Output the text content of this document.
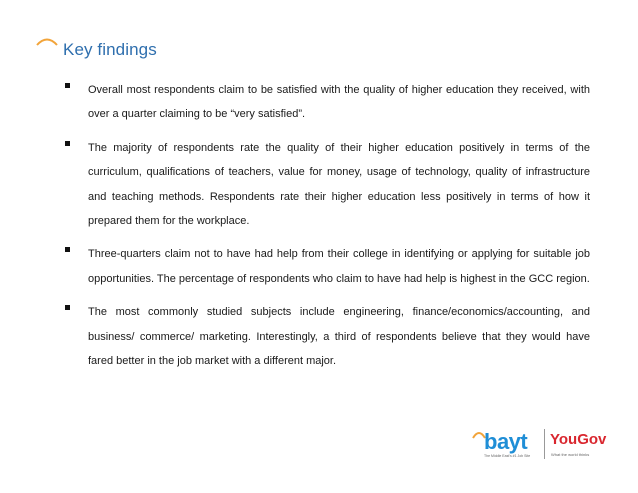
Key findings
Overall most respondents claim to be satisfied with the quality of higher education they received, with over a quarter claiming to be “very satisfied”.
The majority of respondents rate the quality of their higher education positively in terms of the curriculum, qualifications of teachers, value for money, usage of technology, quality of infrastructure and teaching methods. Respondents rate their higher education less positively in terms of how it prepared them for the workplace.
Three-quarters claim not to have had help from their college in identifying or applying for suitable job opportunities. The percentage of respondents who claim to have had help is highest in the GCC region.
The most commonly studied subjects include engineering, finance/economics/accounting, and business/ commerce/ marketing. Interestingly, a third of respondents believe that they would have fared better in the job market with a different major.
bayt
The Middle East's #1 Job Site
YouGov
What the world thinks
